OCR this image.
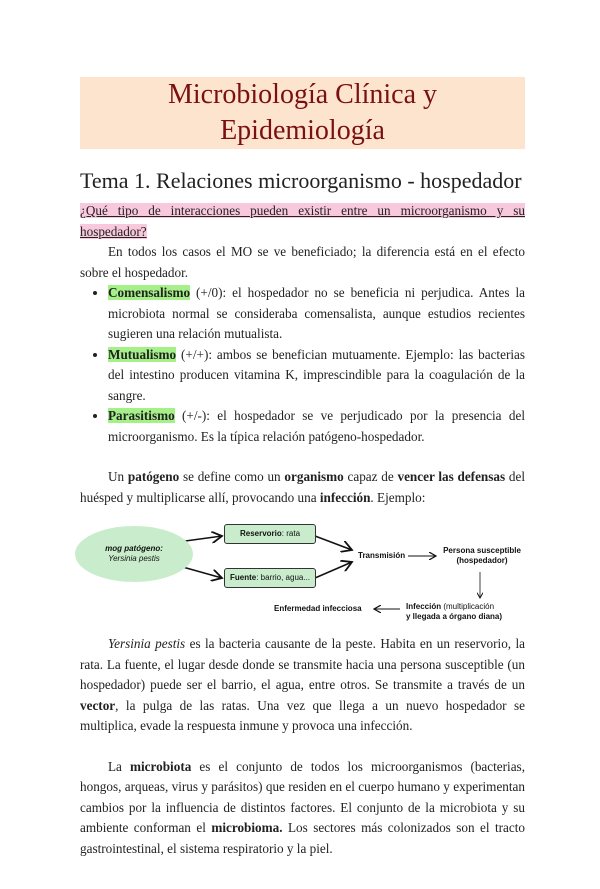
Microbiología Clínica y Epidemiología
Tema 1. Relaciones microorganismo - hospedador
¿Qué tipo de interacciones pueden existir entre un microorganismo y su hospedador?
En todos los casos el MO se ve beneficiado; la diferencia está en el efecto sobre el hospedador.
• Comensalismo (+/0): el hospedador no se beneficia ni perjudica. Antes la microbiota normal se consideraba comensalista, aunque estudios recientes sugieren una relación mutualista.
• Mutualismo (+/+): ambos se benefician mutuamente. Ejemplo: las bacterias del intestino producen vitamina K, imprescindible para la coagulación de la sangre.
• Parasitismo (+/-): el hospedador se ve perjudicado por la presencia del microorganismo. Es la típica relación patógeno-hospedador.
Un patógeno se define como un organismo capaz de vencer las defensas del huésped y multiplicarse allí, provocando una infección. Ejemplo:
mog patógeno:
Yersinia pestis
Reservorio : rata
Fuente : barrio, agua...
Transmisión
Persona susceptible
(hospedador)
Infección (multiplicación
y llegada a órgano diana)
Enfermedad infecciosa
Yersinia pestis es la bacteria causante de la peste. Habita en un reservorio, la rata. La fuente, el lugar desde donde se transmite hacia una persona susceptible (un hospedador) puede ser el barrio, el agua, entre otros. Se transmite a través de un vector, la pulga de las ratas. Una vez que llega a un nuevo hospedador se multiplica, evade la respuesta inmune y provoca una infección.
La microbiota es el conjunto de todos los microorganismos (bacterias, hongos, arqueas, virus y parásitos) que residen en el cuerpo humano y experimentan cambios por la influencia de distintos factores. El conjunto de la microbiota y su ambiente conforman el microbioma. Los sectores más colonizados son el tracto gastrointestinal, el sistema respiratorio y la piel.
